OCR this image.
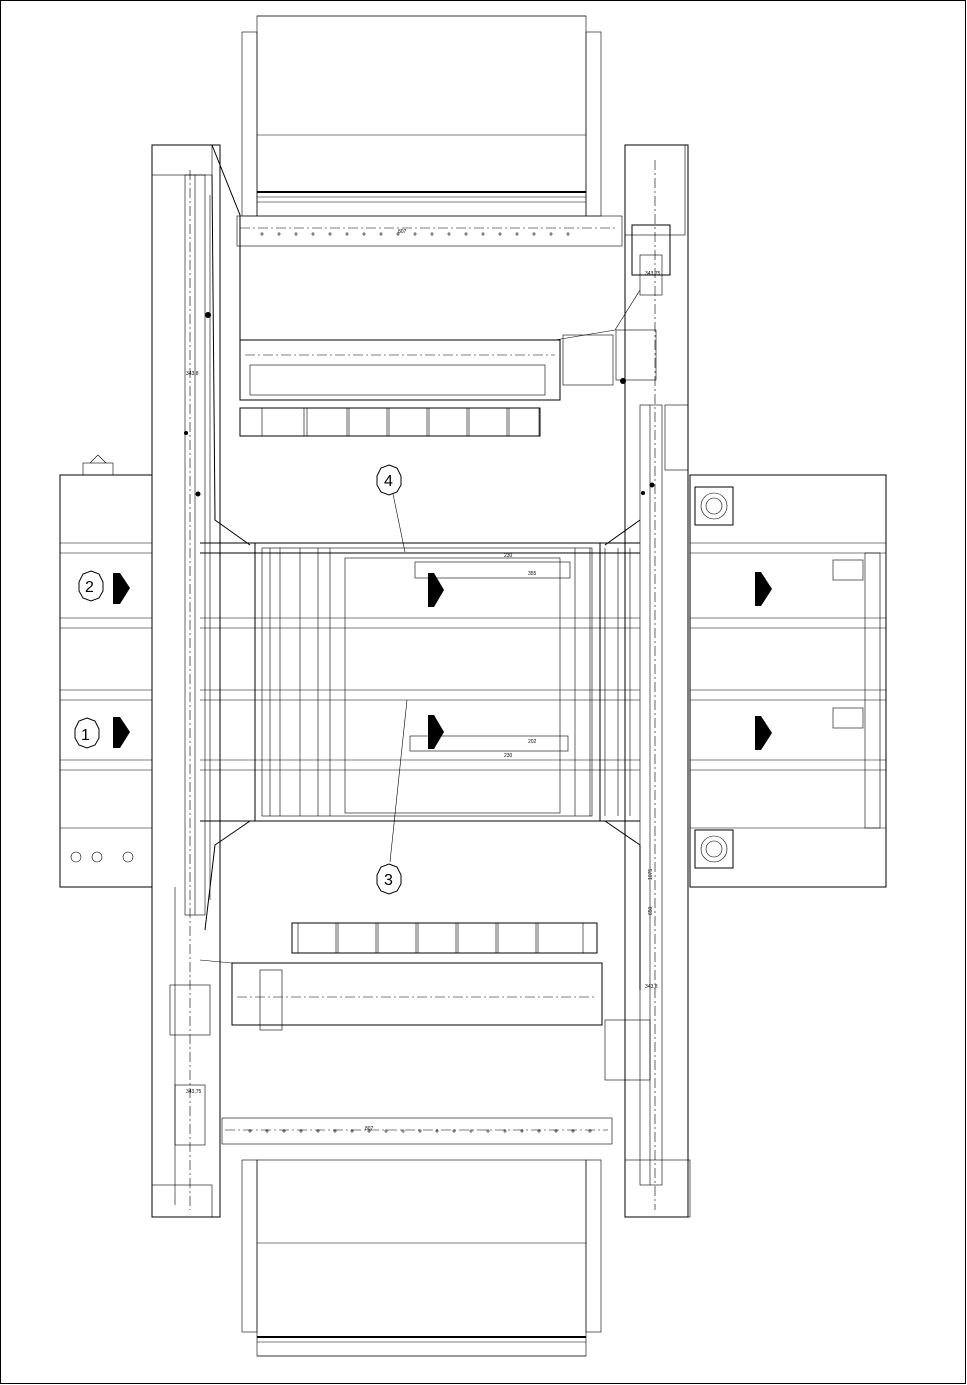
807
807
355
202
230
230
343,8
343,75
343,75
343,8
1075
650
1
2
3
4
